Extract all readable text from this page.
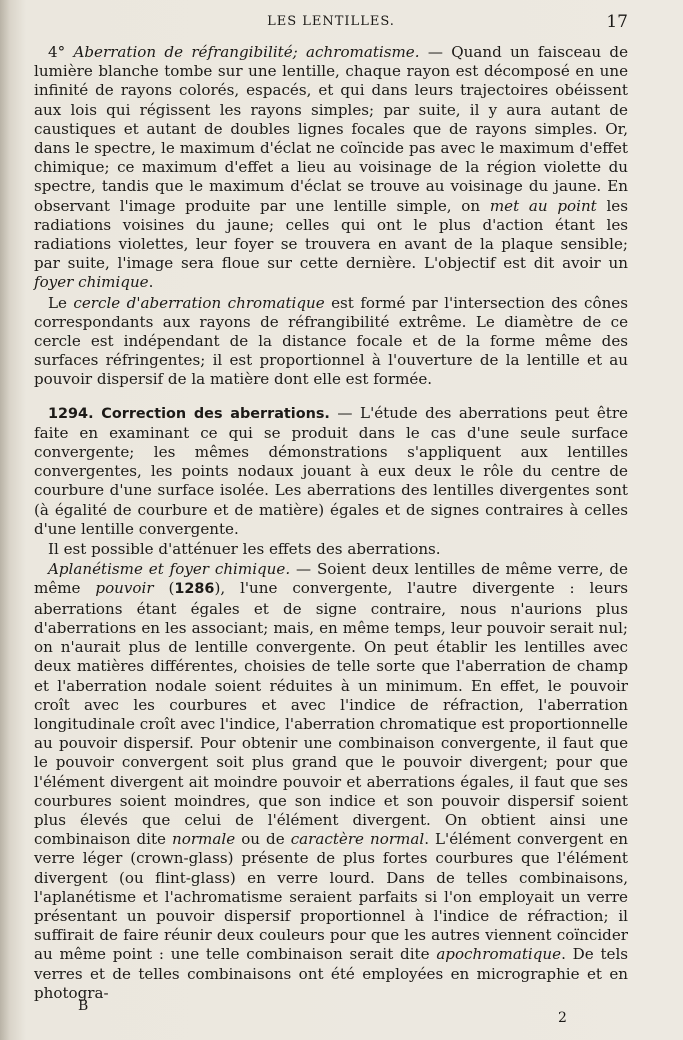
LES LENTILLES.	17

4° Aberration de réfrangibilité; achromatisme. — Quand un faisceau de lumière blanche tombe sur une lentille, chaque rayon est décomposé en une infinité de rayons colorés, espacés, et qui dans leurs trajectoires obéissent aux lois qui régissent les rayons simples; par suite, il y aura autant de caustiques et autant de doubles lignes focales que de rayons simples. Or, dans le spectre, le maximum d'éclat ne coïncide pas avec le maximum d'effet chimique; ce maximum d'effet a lieu au voisinage de la région violette du spectre, tandis que le maximum d'éclat se trouve au voisinage du jaune. En observant l'image produite par une lentille simple, on met au point les radiations voisines du jaune; celles qui ont le plus d'action étant les radiations violettes, leur foyer se trouvera en avant de la plaque sensible; par suite, l'image sera floue sur cette dernière. L'objectif est dit avoir un foyer chimique.

Le cercle d'aberration chromatique est formé par l'intersection des cônes correspondants aux rayons de réfrangibilité extrême. Le diamètre de ce cercle est indépendant de la distance focale et de la forme même des surfaces réfringentes; il est proportionnel à l'ouverture de la lentille et au pouvoir dispersif de la matière dont elle est formée.

1294. Correction des aberrations. — L'étude des aberrations peut être faite en examinant ce qui se produit dans le cas d'une seule surface convergente; les mêmes démonstrations s'appliquent aux lentilles convergentes, les points nodaux jouant à eux deux le rôle du centre de courbure d'une surface isolée. Les aberrations des lentilles divergentes sont (à égalité de courbure et de matière) égales et de signes contraires à celles d'une lentille convergente.

Il est possible d'atténuer les effets des aberrations.

Aplanétisme et foyer chimique. — Soient deux lentilles de même verre, de même pouvoir (1286), l'une convergente, l'autre divergente : leurs aberrations étant égales et de signe contraire, nous n'aurions plus d'aberrations en les associant; mais, en même temps, leur pouvoir serait nul; on n'aurait plus de lentille convergente. On peut établir les lentilles avec deux matières différentes, choisies de telle sorte que l'aberration de champ et l'aberration nodale soient réduites à un minimum. En effet, le pouvoir croît avec les courbures et avec l'indice de réfraction, l'aberration longitudinale croît avec l'indice, l'aberration chromatique est proportionnelle au pouvoir dispersif. Pour obtenir une combinaison convergente, il faut que le pouvoir convergent soit plus grand que le pouvoir divergent; pour que l'élément divergent ait moindre pouvoir et aberrations égales, il faut que ses courbures soient moindres, que son indice et son pouvoir dispersif soient plus élevés que celui de l'élément divergent. On obtient ainsi une combinaison dite normale ou de caractère normal. L'élément convergent en verre léger (crown-glass) présente de plus fortes courbures que l'élément divergent (ou flint-glass) en verre lourd. Dans de telles combinaisons, l'aplanétisme et l'achromatisme seraient parfaits si l'on employait un verre présentant un pouvoir dispersif proportionnel à l'indice de réfraction; il suffirait de faire réunir deux couleurs pour que les autres viennent coïncider au même point : une telle combinaison serait dite apochromatique. De tels verres et de telles combinaisons ont été employées en micrographie et en photogra-

B
2
